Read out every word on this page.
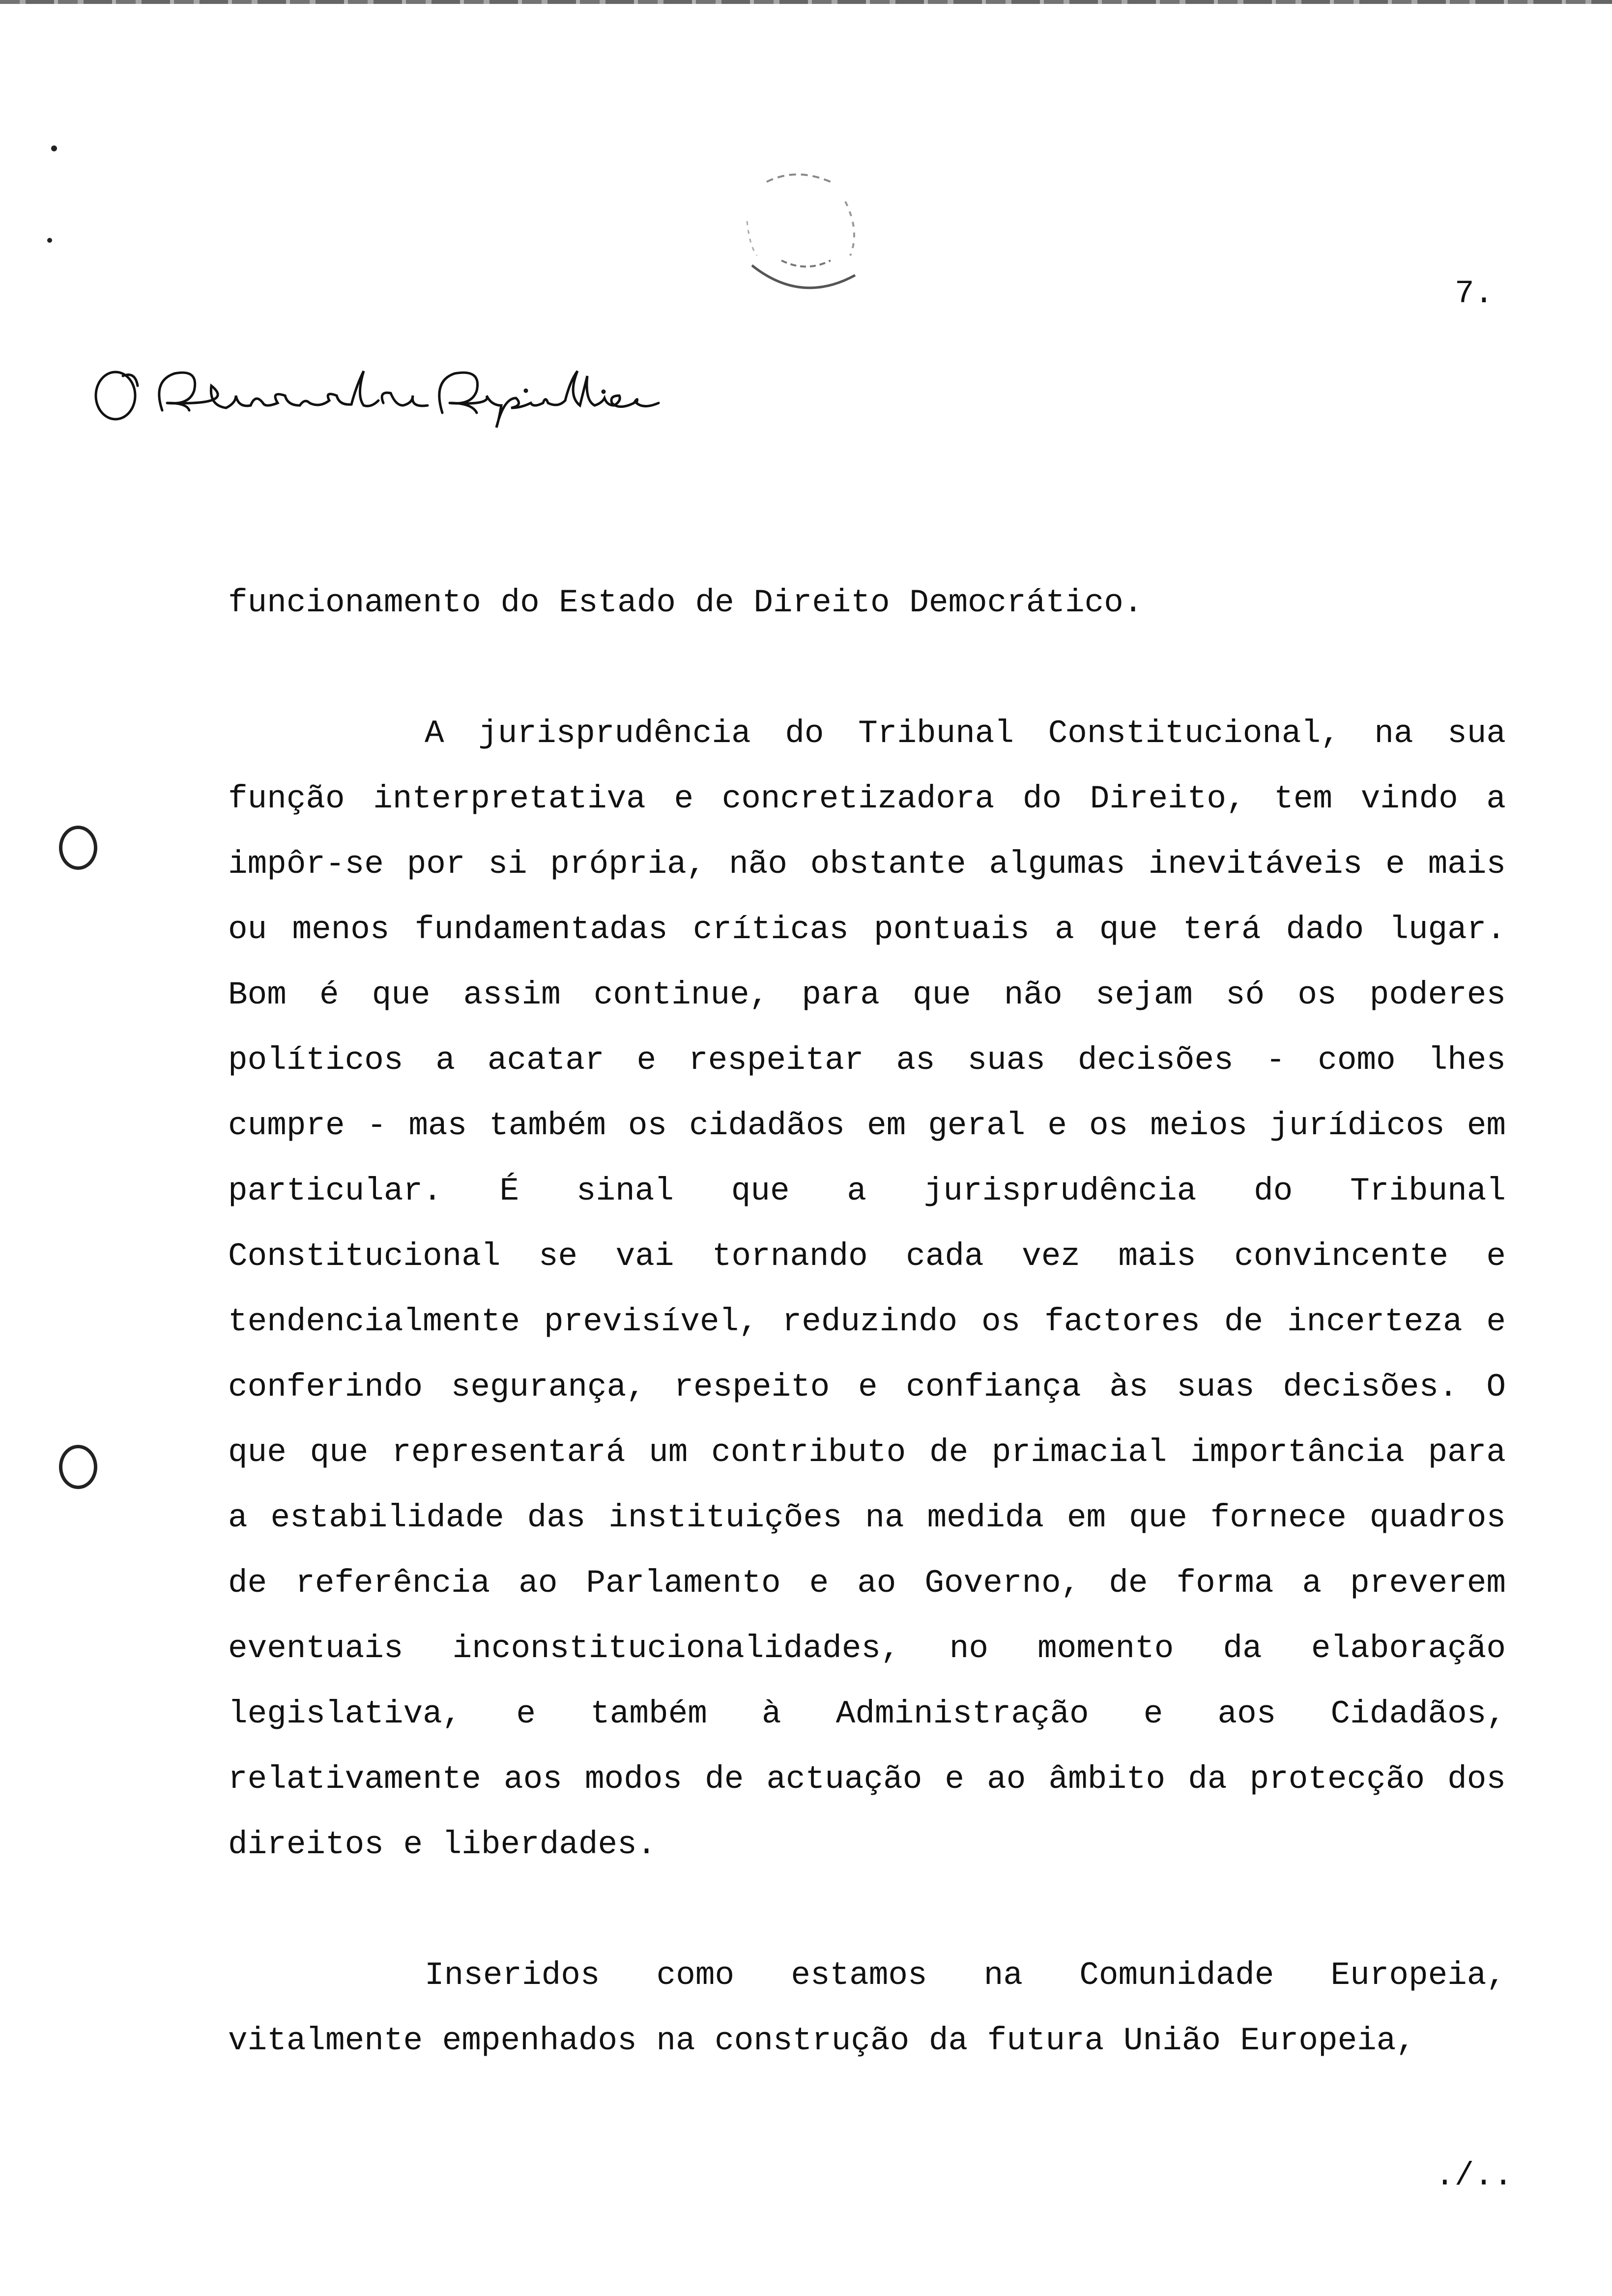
7.

funcionamento do Estado de Direito Democrático.

A jurisprudência do Tribunal Constitucional, na sua função interpretativa e concretizadora do Direito, tem vindo a impôr-se por si própria, não obstante algumas inevitáveis e mais ou menos fundamentadas críticas pontuais a que terá dado lugar. Bom é que assim continue, para que não sejam só os poderes políticos a acatar e respeitar as suas decisões - como lhes cumpre - mas também os cidadãos em geral e os meios jurídicos em particular. É sinal que a jurisprudência do Tribunal Constitucional se vai tornando cada vez mais convincente e tendencialmente previsível, reduzindo os factores de incerteza e conferindo segurança, respeito e confiança às suas decisões. O que que representará um contributo de primacial importância para a estabilidade das instituições na medida em que fornece quadros de referência ao Parlamento e ao Governo, de forma a preverem eventuais inconstitucionalidades, no momento da elaboração legislativa, e também à Administração e aos Cidadãos, relativamente aos modos de actuação e ao âmbito da protecção dos direitos e liberdades.

Inseridos como estamos na Comunidade Europeia, vitalmente empenhados na construção da futura União Europeia,

./..
